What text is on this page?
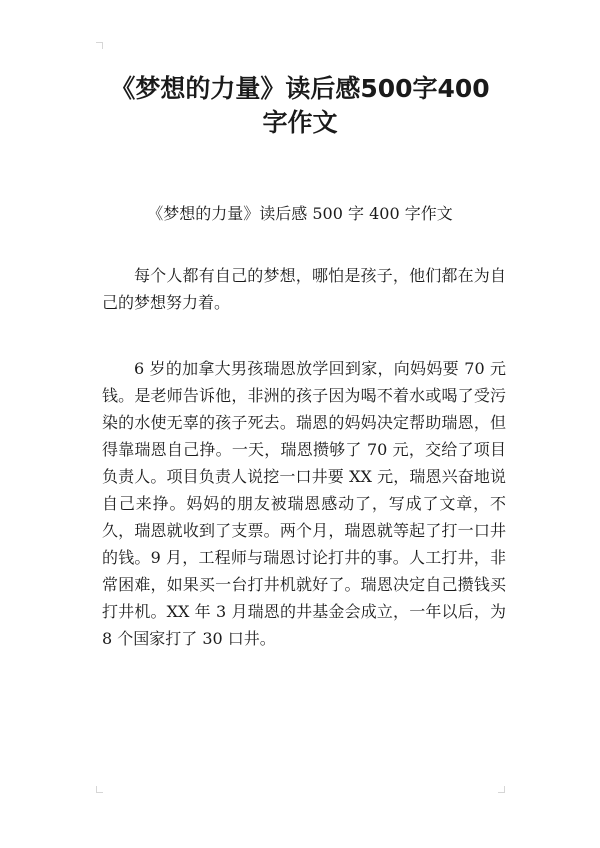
《梦想的力量》读后感500字400字作文

《梦想的力量》读后感 500 字 400 字作文

每个人都有自己的梦想，哪怕是孩子，他们都在为自己的梦想努力着。

6 岁的加拿大男孩瑞恩放学回到家，向妈妈要 70 元钱。是老师告诉他，非洲的孩子因为喝不着水或喝了受污染的水使无辜的孩子死去。瑞恩的妈妈决定帮助瑞恩，但得靠瑞恩自己挣。一天，瑞恩攒够了 70 元，交给了项目负责人。项目负责人说挖一口井要 XX 元，瑞恩兴奋地说自己来挣。妈妈的朋友被瑞恩感动了，写成了文章，不久，瑞恩就收到了支票。两个月，瑞恩就等起了打一口井的钱。9 月，工程师与瑞恩讨论打井的事。人工打井，非常困难，如果买一台打井机就好了。瑞恩决定自己攒钱买打井机。XX 年 3 月瑞恩的井基金会成立，一年以后，为 8 个国家打了 30 口井。
